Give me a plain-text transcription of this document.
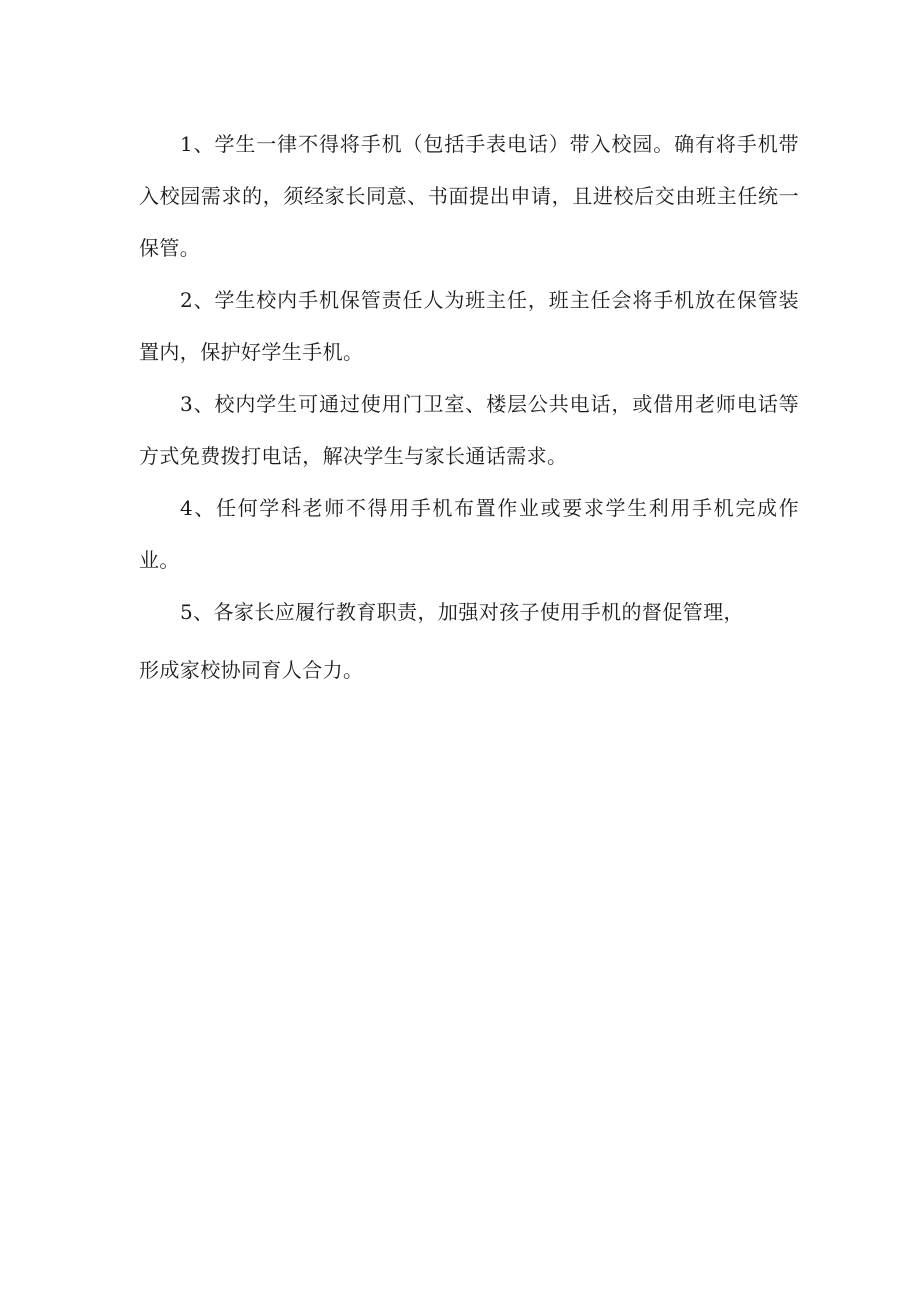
1、学生一律不得将手机（包括手表电话）带入校园。确有将手机带入校园需求的，须经家长同意、书面提出申请，且进校后交由班主任统一保管。

2、学生校内手机保管责任人为班主任，班主任会将手机放在保管装置内，保护好学生手机。

3、校内学生可通过使用门卫室、楼层公共电话，或借用老师电话等方式免费拨打电话，解决学生与家长通话需求。

4、任何学科老师不得用手机布置作业或要求学生利用手机完成作业。

5、各家长应履行教育职责，加强对孩子使用手机的督促管理，

形成家校协同育人合力。
